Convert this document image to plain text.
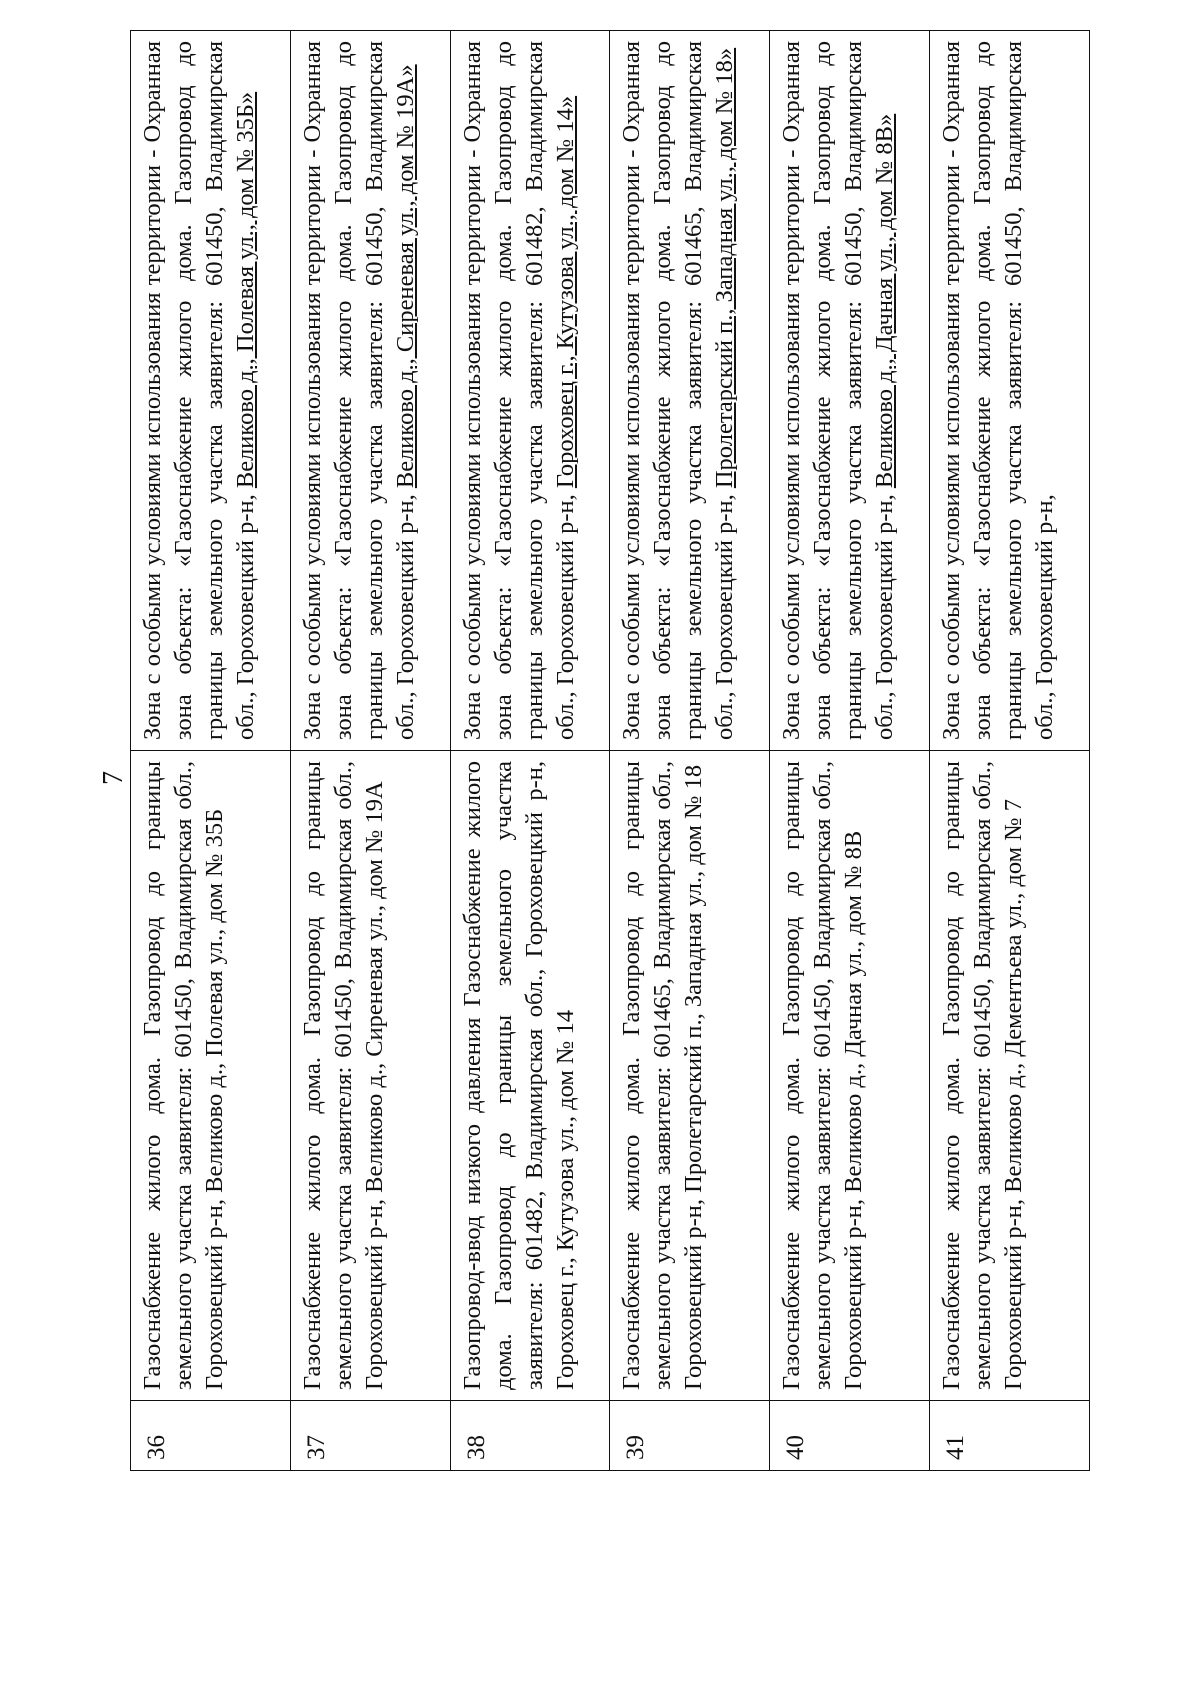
7
36	Газоснабжение жилого дома. Газопровод до границы земельного участка заявителя: 601450, Владимирская обл., Гороховецкий р-н, Великово д., Полевая ул., дом № 35Б	Зона с особыми условиями использования территории - Охранная зона объекта: «Газоснабжение жилого дома. Газопровод до границы земельного участка заявителя: 601450, Владимирская обл., Гороховецкий р-н, Великово д., Полевая ул., дом № 35Б»
37	Газоснабжение жилого дома. Газопровод до границы земельного участка заявителя: 601450, Владимирская обл., Гороховецкий р-н, Великово д., Сиреневая ул., дом № 19А	Зона с особыми условиями использования территории - Охранная зона объекта: «Газоснабжение жилого дома. Газопровод до границы земельного участка заявителя: 601450, Владимирская обл., Гороховецкий р-н, Великово д., Сиреневая ул., дом № 19А»
38	Газопровод-ввод низкого давления Газоснабжение жилого дома. Газопровод до границы земельного участка заявителя: 601482, Владимирская обл., Гороховецкий р-н, Гороховец г., Кутузова ул., дом № 14	Зона с особыми условиями использования территории - Охранная зона объекта: «Газоснабжение жилого дома. Газопровод до границы земельного участка заявителя: 601482, Владимирская обл., Гороховецкий р-н, Гороховец г., Кутузова ул., дом № 14»
39	Газоснабжение жилого дома. Газопровод до границы земельного участка заявителя: 601465, Владимирская обл., Гороховецкий р-н, Пролетарский п., Западная ул., дом № 18	Зона с особыми условиями использования территории - Охранная зона объекта: «Газоснабжение жилого дома. Газопровод до границы земельного участка заявителя: 601465, Владимирская обл., Гороховецкий р-н, Пролетарский п., Западная ул., дом № 18»
40	Газоснабжение жилого дома. Газопровод до границы земельного участка заявителя: 601450, Владимирская обл., Гороховецкий р-н, Великово д., Дачная ул., дом № 8В	Зона с особыми условиями использования территории - Охранная зона объекта: «Газоснабжение жилого дома. Газопровод до границы земельного участка заявителя: 601450, Владимирская обл., Гороховецкий р-н, Великово д., Дачная ул., дом № 8В»
41	Газоснабжение жилого дома. Газопровод до границы земельного участка заявителя: 601450, Владимирская обл., Гороховецкий р-н, Великово д., Дементьева ул., дом № 7	Зона с особыми условиями использования территории - Охранная зона объекта: «Газоснабжение жилого дома. Газопровод до границы земельного участка заявителя: 601450, Владимирская обл., Гороховецкий р-н,
